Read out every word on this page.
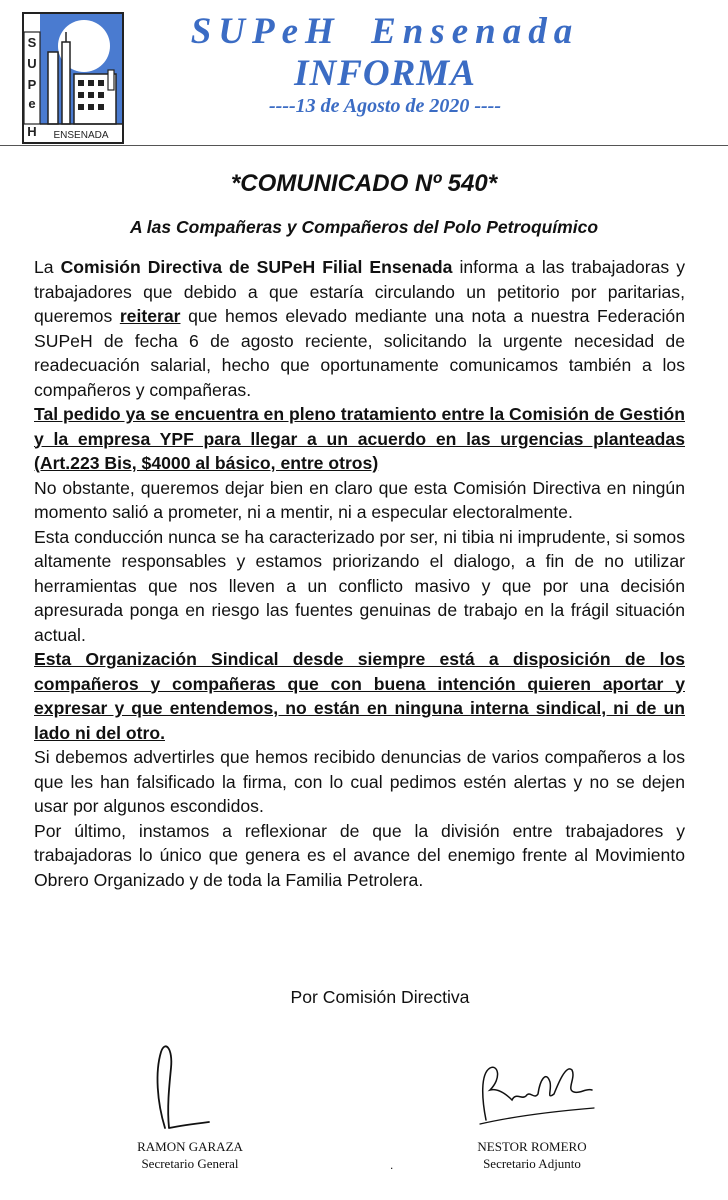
S
U
P
e
H ENSENADA

SUPeH Ensenada

INFORMA

----13 de Agosto de 2020 ----

*COMUNICADO Nº 540*

A las Compañeras y Compañeros del Polo Petroquímico

La Comisión Directiva de SUPeH Filial Ensenada informa a las trabajadoras y trabajadores que debido a que estaría circulando un petitorio por paritarias, queremos reiterar que hemos elevado mediante una nota a nuestra Federación SUPeH de fecha 6 de agosto reciente, solicitando la urgente necesidad de readecuación salarial, hecho que oportunamente comunicamos también a los compañeros y compañeras.

Tal pedido ya se encuentra en pleno tratamiento entre la Comisión de Gestión y la empresa YPF para llegar a un acuerdo en las urgencias planteadas (Art.223 Bis, $4000 al básico, entre otros)

No obstante, queremos dejar bien en claro que esta Comisión Directiva en ningún momento salió a prometer, ni a mentir, ni a especular electoralmente.

Esta conducción nunca se ha caracterizado por ser, ni tibia ni imprudente, si somos altamente responsables y estamos priorizando el dialogo, a fin de no utilizar herramientas que nos lleven a un conflicto masivo y que por una decisión apresurada ponga en riesgo las fuentes genuinas de trabajo en la frágil situación actual.

Esta Organización Sindical desde siempre está a disposición de los compañeros y compañeras que con buena intención quieren aportar y expresar y que entendemos, no están en ninguna interna sindical, ni de un lado ni del otro.

Si debemos advertirles que hemos recibido denuncias de varios compañeros a los que les han falsificado la firma, con lo cual pedimos estén alertas y no se dejen usar por algunos escondidos.

Por último, instamos a reflexionar de que la división entre trabajadores y trabajadoras lo único que genera es el avance del enemigo frente al Movimiento Obrero Organizado y de toda la Familia Petrolera.

Por Comisión Directiva

RAMON GARAZA
Secretario General
NESTOR ROMERO
Secretario Adjunto
.
